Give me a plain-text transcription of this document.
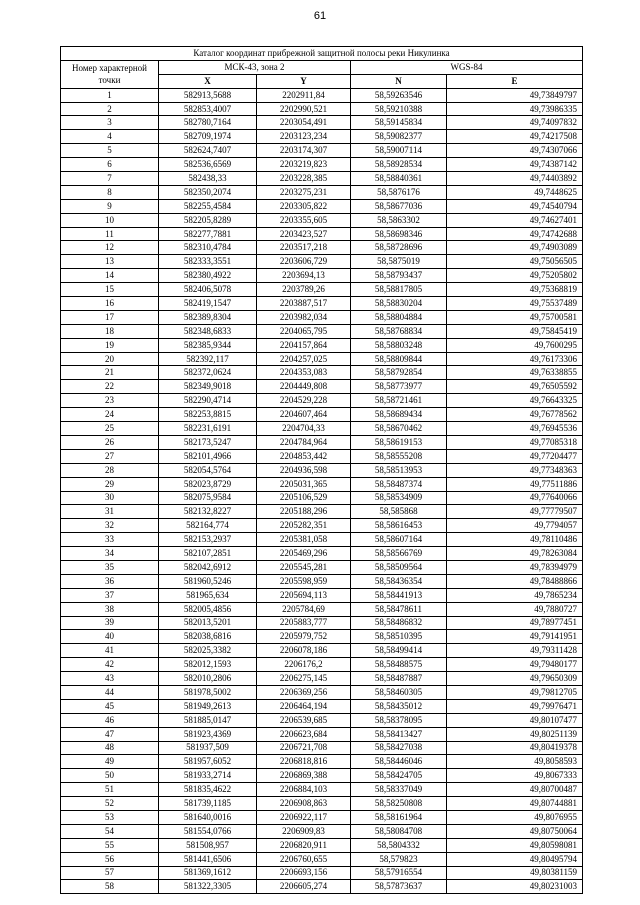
61
Каталог координат прибрежной защитной полосы реки Никулинка				
Номер характерной точки	МСК-43, зона 2		WGS-84	
	X	Y	N	E
1	582913,5688	2202911,84	58,59263546	49,73849797
2	582853,4007	2202990,521	58,59210388	49,73986335
3	582780,7164	2203054,491	58,59145834	49,74097832
4	582709,1974	2203123,234	58,59082377	49,74217508
5	582624,7407	2203174,307	58,59007114	49,74307066
6	582536,6569	2203219,823	58,58928534	49,74387142
7	582438,33	2203228,385	58,58840361	49,74403892
8	582350,2074	2203275,231	58,5876176	49,7448625
9	582255,4584	2203305,822	58,58677036	49,74540794
10	582205,8289	2203355,605	58,5863302	49,74627401
11	582277,7881	2203423,527	58,58698346	49,74742688
12	582310,4784	2203517,218	58,58728696	49,74903089
13	582333,3551	2203606,729	58,5875019	49,75056505
14	582380,4922	2203694,13	58,58793437	49,75205802
15	582406,5078	2203789,26	58,58817805	49,75368819
16	582419,1547	2203887,517	58,58830204	49,75537489
17	582389,8304	2203982,034	58,58804884	49,75700581
18	582348,6833	2204065,795	58,58768834	49,75845419
19	582385,9344	2204157,864	58,58803248	49,7600295
20	582392,117	2204257,025	58,58809844	49,76173306
21	582372,0624	2204353,083	58,58792854	49,76338855
22	582349,9018	2204449,808	58,58773977	49,76505592
23	582290,4714	2204529,228	58,58721461	49,76643325
24	582253,8815	2204607,464	58,58689434	49,76778562
25	582231,6191	2204704,33	58,58670462	49,76945536
26	582173,5247	2204784,964	58,58619153	49,77085318
27	582101,4966	2204853,442	58,58555208	49,77204477
28	582054,5764	2204936,598	58,58513953	49,77348363
29	582023,8729	2205031,365	58,58487374	49,77511886
30	582075,9584	2205106,529	58,58534909	49,77640066
31	582132,8227	2205188,296	58,585868	49,77779507
32	582164,774	2205282,351	58,58616453	49,7794057
33	582153,2937	2205381,058	58,58607164	49,78110486
34	582107,2851	2205469,296	58,58566769	49,78263084
35	582042,6912	2205545,281	58,58509564	49,78394979
36	581960,5246	2205598,959	58,58436354	49,78488866
37	581965,634	2205694,113	58,58441913	49,7865234
38	582005,4856	2205784,69	58,58478611	49,7880727
39	582013,5201	2205883,777	58,58486832	49,78977451
40	582038,6816	2205979,752	58,58510395	49,79141951
41	582025,3382	2206078,186	58,58499414	49,79311428
42	582012,1593	2206176,2	58,58488575	49,79480177
43	582010,2806	2206275,145	58,58487887	49,79650309
44	581978,5002	2206369,256	58,58460305	49,79812705
45	581949,2613	2206464,194	58,58435012	49,79976471
46	581885,0147	2206539,685	58,58378095	49,80107477
47	581923,4369	2206623,684	58,58413427	49,80251139
48	581937,509	2206721,708	58,58427038	49,80419378
49	581957,6052	2206818,816	58,58446046	49,8058593
50	581933,2714	2206869,388	58,58424705	49,8067333
51	581835,4622	2206884,103	58,58337049	49,80700487
52	581739,1185	2206908,863	58,58250808	49,80744881
53	581640,0016	2206922,117	58,58161964	49,8076955
54	581554,0766	2206909,83	58,58084708	49,80750064
55	581508,957	2206820,911	58,5804332	49,80598081
56	581441,6506	2206760,655	58,579823	49,80495794
57	581369,1612	2206693,156	58,57916554	49,80381159
58	581322,3305	2206605,274	58,57873637	49,80231003
